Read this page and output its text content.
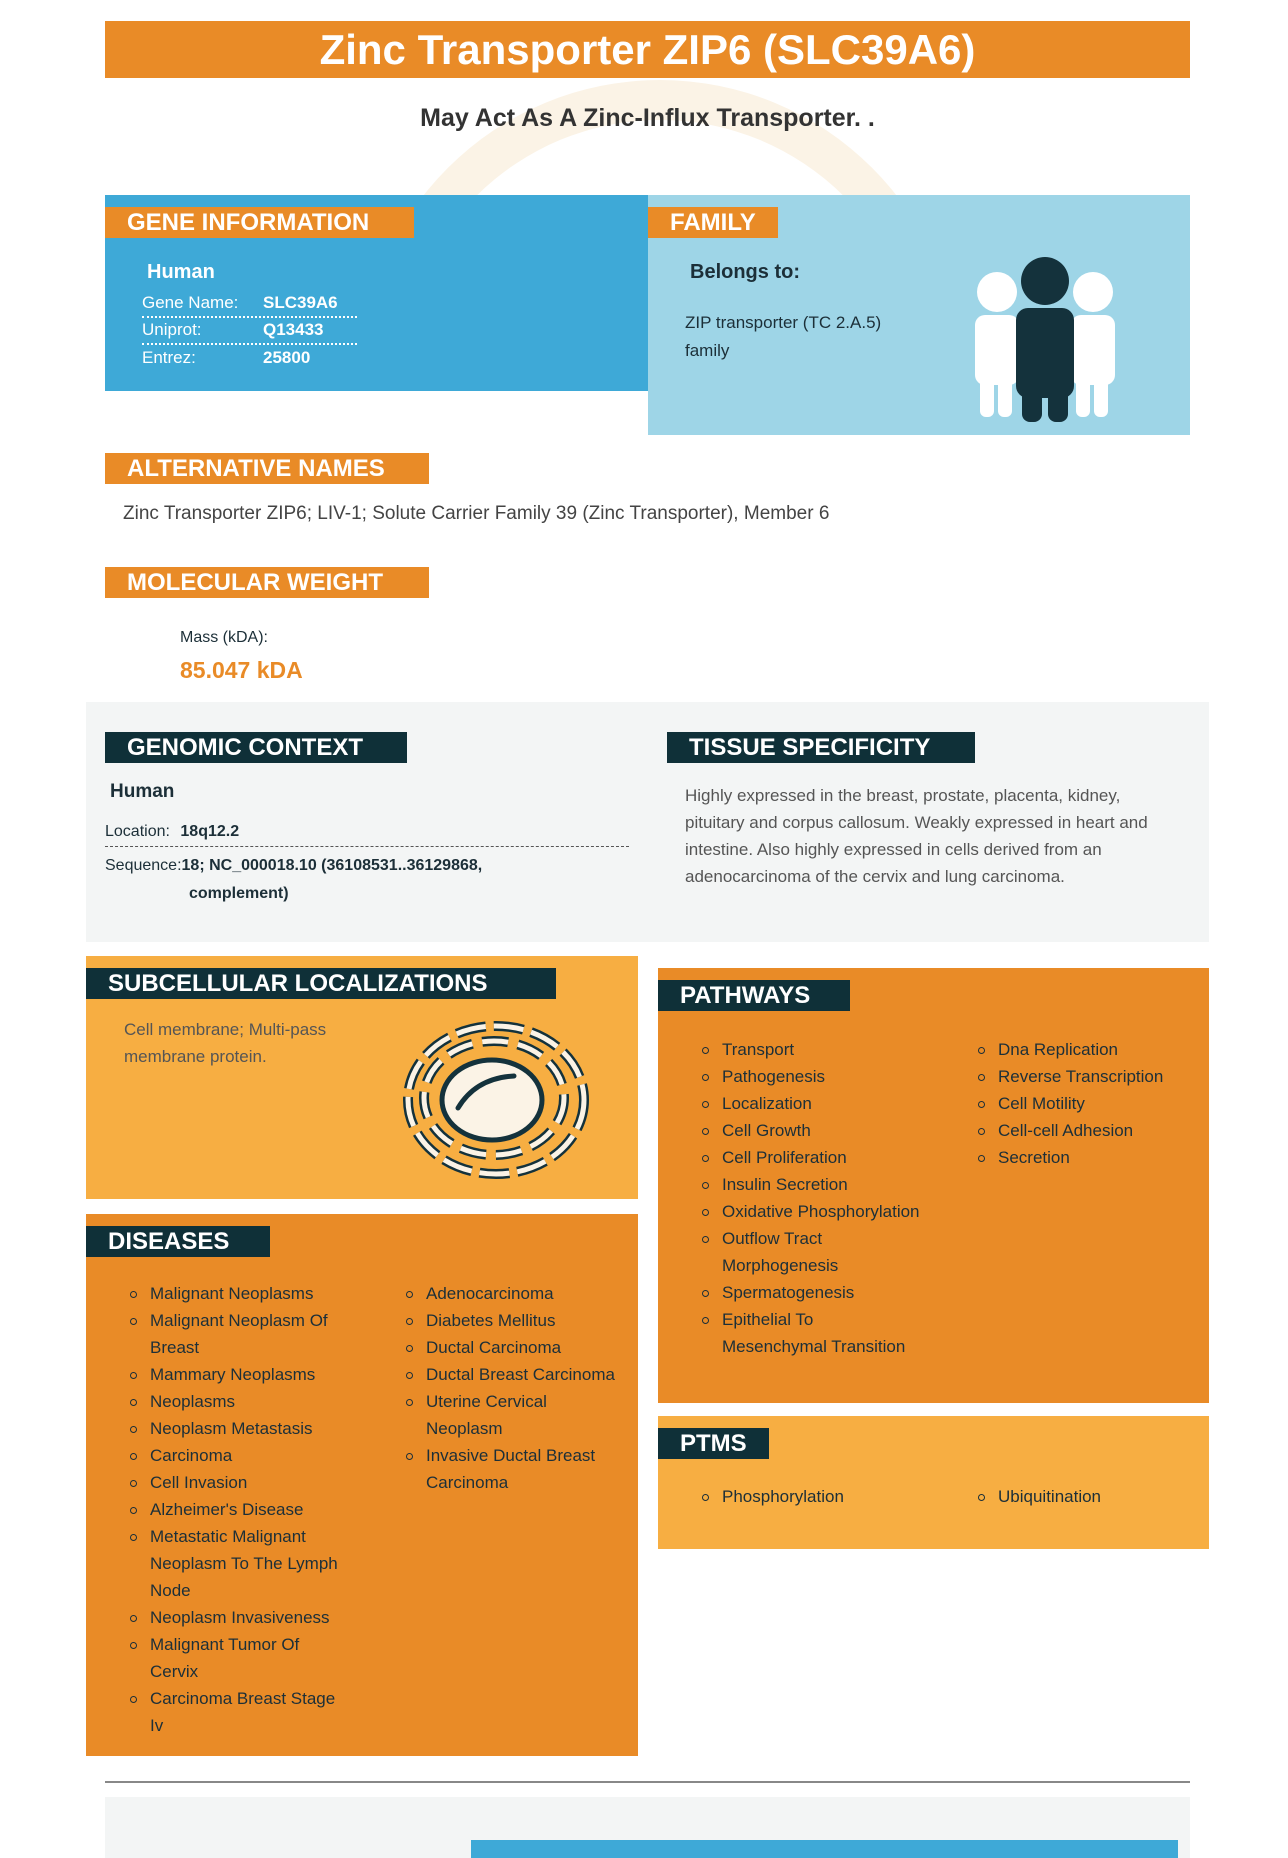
Zinc Transporter ZIP6 (SLC39A6)
May Act As A Zinc-Influx Transporter. .
GENE INFORMATION
Human
Gene Name: SLC39A6
Uniprot:	Q13433
Entrez:	25800
FAMILY
Belongs to:
ZIP transporter (TC 2.A.5) family
ALTERNATIVE NAMES
Zinc Transporter ZIP6; LIV-1; Solute Carrier Family 39 (Zinc Transporter), Member 6
MOLECULAR WEIGHT
Mass (kDA):
85.047 kDA
GENOMIC CONTEXT
Human
Location: 18q12.2
Sequence:18; NC_000018.10 (36108531..36129868,
complement)
TISSUE SPECIFICITY
Highly expressed in the breast, prostate, placenta, kidney, pituitary and corpus callosum. Weakly expressed in heart and intestine. Also highly expressed in cells derived from an adenocarcinoma of the cervix and lung carcinoma.
SUBCELLULAR LOCALIZATIONS
Cell membrane; Multi-pass membrane protein.
DISEASES
Malignant Neoplasms
Malignant Neoplasm Of Breast
Mammary Neoplasms
Neoplasms
Neoplasm Metastasis
Carcinoma
Cell Invasion
Alzheimer's Disease
Metastatic Malignant Neoplasm To The Lymph Node
Neoplasm Invasiveness
Malignant Tumor Of Cervix
Carcinoma Breast Stage Iv
Adenocarcinoma
Diabetes Mellitus
Ductal Carcinoma
Ductal Breast Carcinoma
Uterine Cervical Neoplasm
Invasive Ductal Breast Carcinoma
PATHWAYS
Transport
Pathogenesis
Localization
Cell Growth
Cell Proliferation
Insulin Secretion
Oxidative Phosphorylation
Outflow Tract Morphogenesis
Spermatogenesis
Epithelial To Mesenchymal Transition
Dna Replication
Reverse Transcription
Cell Motility
Cell-cell Adhesion
Secretion
PTMS
Phosphorylation	Ubiquitination
